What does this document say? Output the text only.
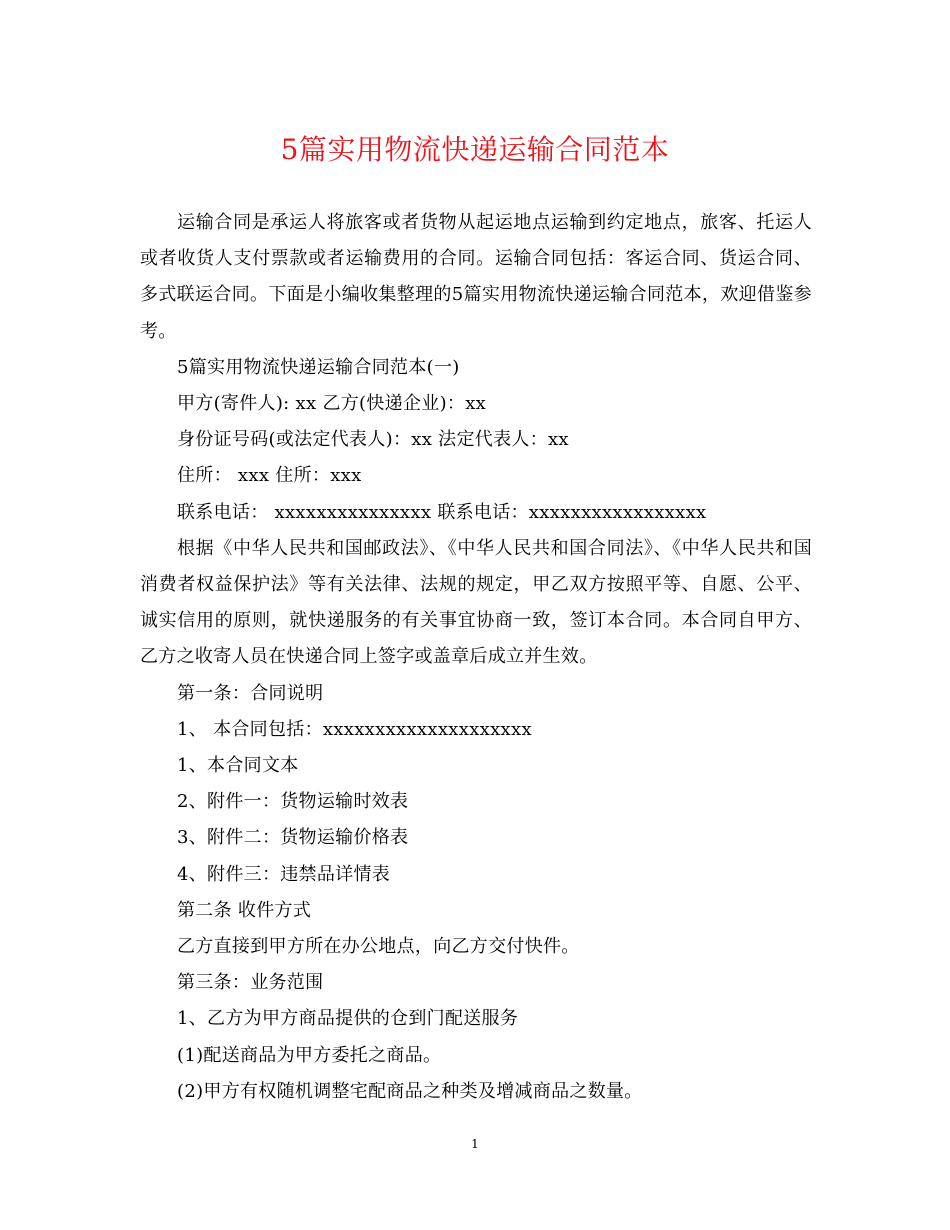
5篇实用物流快递运输合同范本

运输合同是承运人将旅客或者货物从起运地点运输到约定地点，旅客、托运人或者收货人支付票款或者运输费用的合同。运输合同包括：客运合同、货运合同、多式联运合同。下面是小编收集整理的5篇实用物流快递运输合同范本，欢迎借鉴参考。

5篇实用物流快递运输合同范本(一)

甲方(寄件人): xx 乙方(快递企业)：xx

身份证号码(或法定代表人)：xx 法定代表人：xx

住所： xxx 住所：xxx

联系电话： xxxxxxxxxxxxxxx 联系电话：xxxxxxxxxxxxxxxxx

根据《中华人民共和国邮政法》、《中华人民共和国合同法》、《中华人民共和国消费者权益保护法》等有关法律、法规的规定，甲乙双方按照平等、自愿、公平、诚实信用的原则，就快递服务的有关事宜协商一致，签订本合同。本合同自甲方、乙方之收寄人员在快递合同上签字或盖章后成立并生效。

第一条：合同说明

1、 本合同包括：xxxxxxxxxxxxxxxxxxxx

1、本合同文本

2、附件一：货物运输时效表

3、附件二：货物运输价格表

4、附件三：违禁品详情表

第二条 收件方式

乙方直接到甲方所在办公地点，向乙方交付快件。

第三条：业务范围

1、乙方为甲方商品提供的仓到门配送服务

(1)配送商品为甲方委托之商品。

(2)甲方有权随机调整宅配商品之种类及增减商品之数量。

1
